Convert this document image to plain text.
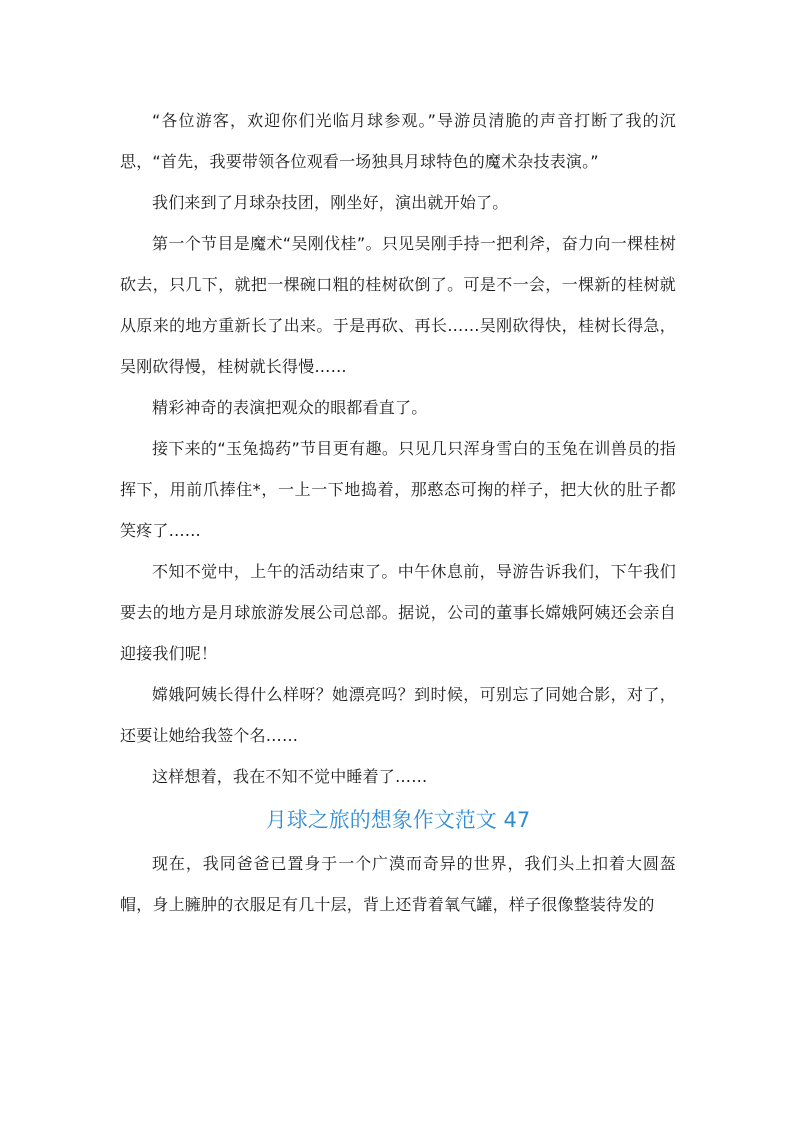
“各位游客，欢迎你们光临月球参观。”导游员清脆的声音打断了我的沉思，“首先，我要带领各位观看一场独具月球特色的魔术杂技表演。”

我们来到了月球杂技团，刚坐好，演出就开始了。

第一个节目是魔术“吴刚伐桂”。只见吴刚手持一把利斧，奋力向一棵桂树砍去，只几下，就把一棵碗口粗的桂树砍倒了。可是不一会，一棵新的桂树就从原来的地方重新长了出来。于是再砍、再长……吴刚砍得快，桂树长得急，吴刚砍得慢，桂树就长得慢……

精彩神奇的表演把观众的眼都看直了。

接下来的“玉兔捣药”节目更有趣。只见几只浑身雪白的玉兔在训兽员的指挥下，用前爪捧住*，一上一下地捣着，那憨态可掬的样子，把大伙的肚子都笑疼了……

不知不觉中，上午的活动结束了。中午休息前，导游告诉我们，下午我们要去的地方是月球旅游发展公司总部。据说，公司的董事长嫦娥阿姨还会亲自迎接我们呢！

嫦娥阿姨长得什么样呀？她漂亮吗？到时候，可别忘了同她合影，对了，还要让她给我签个名……

这样想着，我在不知不觉中睡着了……

月球之旅的想象作文范文 47

现在，我同爸爸已置身于一个广漠而奇异的世界，我们头上扣着大圆盔帽，身上臃肿的衣服足有几十层，背上还背着氧气罐，样子很像整装待发的
